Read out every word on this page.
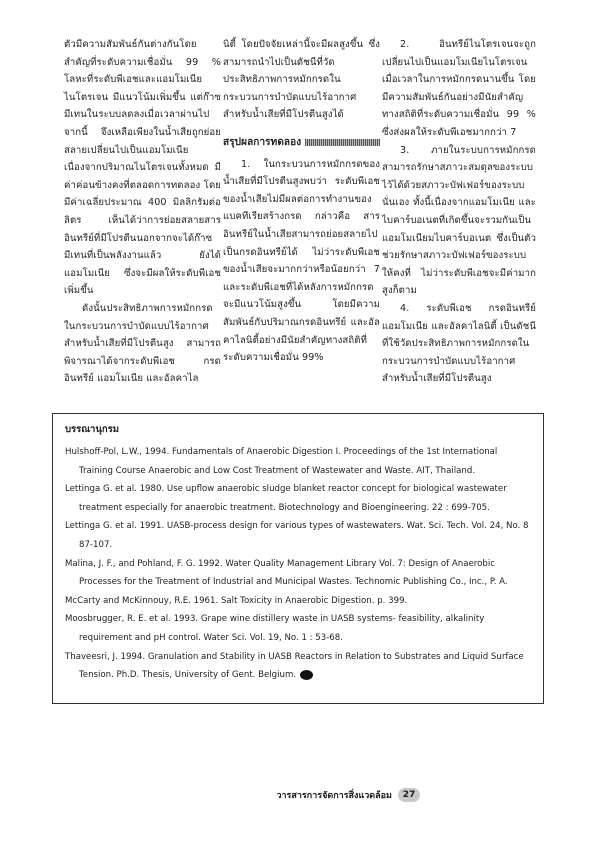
ตัวมีความสัมพันธ์กันต่างกันโดยสำคัญที่ระดับความเชื่อมั่น 99 % โลหะที่ระดับพีเอชและแอมโมเนียไนโตรเจน มีแนวโน้มเพิ่มขึ้น แต่ก๊าซมีเทนในระบบลดลงเมื่อเวลาผ่านไป จากนี้ จึงเหลือเพียงในน้ำเสียถูกย่อยสลายเปลี่ยนไปเป็นแอมโมเนีย เนื่องจากปริมาณไนโตรเจนทั้งหมด มีค่าค่อนข้างคงที่ตลอดการทดลอง โดยมีค่าเฉลี่ยประมาณ 400 มิลลิกรัมต่อลิตร เห็นได้ว่าการย่อยสลายสารอินทรีย์ที่มีโปรตีนนอกจากจะได้ก๊าซมีเทนที่เป็นพลังงานแล้ว ยังได้แอมโมเนีย ซึ่งจะมีผลให้ระดับพีเอชเพิ่มขึ้น

ดังนั้นประสิทธิภาพการหมักกรดในกระบวนการบำบัดแบบไร้อากาศ สำหรับน้ำเสียที่มีโปรตีนสูง สามารถพิจารณาได้จากระดับพีเอช กรดอินทรีย์ แอมโมเนีย และอัลคาไล

นิตี้ โดยปัจจัยเหล่านี้จะมีผลสูงขึ้น ซึ่งสามารถนำไปเป็นดัชนีที่วัดประสิทธิภาพการหมักกรดในกระบวนการบำบัดแบบไร้อากาศสำหรับน้ำเสียที่มีโปรตีนสูงได้

สรุปผลการทดลอง

1. ในกระบวนการหมักกรดของน้ำเสียที่มีโปรตีนสูงพบว่า ระดับพีเอชของน้ำเสียไม่มีผลต่อการทำงานของแบคทีเรียสร้างกรด กล่าวคือ สารอินทรีย์ในน้ำเสียสามารถย่อยสลายไปเป็นกรดอินทรีย์ได้ ไม่ว่าระดับพีเอชของน้ำเสียจะมากกว่าหรือน้อยกว่า 7 และระดับพีเอชที่ได้หลังการหมักกรดจะมีแนวโน้มสูงขึ้น โดยมีความสัมพันธ์กับปริมาณกรดอินทรีย์ และอัลคาไลนิตี้อย่างมีนัยสำคัญทางสถิติที่ระดับความเชื่อมั่น 99%

2. อินทรีย์ไนโตรเจนจะถูกเปลี่ยนไปเป็นแอมโมเนียไนโตรเจน เมื่อเวลาในการหมักกรดนานขึ้น โดยมีความสัมพันธ์กันอย่างมีนัยสำคัญทางสถิติที่ระดับความเชื่อมั่น 99 % ซึ่งส่งผลให้ระดับพีเอชมากกว่า 7

3. ภายในระบบการหมักกรด สามารถรักษาสภาวะสมดุลของระบบไว้ได้ด้วยสภาวะบัฟเฟอร์ของระบบนั่นเอง ทั้งนี้เนื่องจากแอมโมเนีย และไบคาร์บอเนตที่เกิดขึ้นจะรวมกันเป็นแอมโมเนียมไบคาร์บอเนต ซึ่งเป็นตัวช่วยรักษาสภาวะบัฟเฟอร์ของระบบให้คงที่ ไม่ว่าระดับพีเอชจะมีค่ามากสูงก็ตาม

4. ระดับพีเอช กรดอินทรีย์ แอมโมเนีย และอัลคาไลนิตี้ เป็นดัชนีที่ใช้วัดประสิทธิภาพการหมักกรดในกระบวนการบำบัดแบบไร้อากาศสำหรับน้ำเสียที่มีโปรตีนสูง

บรรณานุกรม
Hulshoff-Pol, L.W., 1994. Fundamentals of Anaerobic Digestion I. Proceedings of the 1st International Training Course Anaerobic and Low Cost Treatment of Wastewater and Waste. AIT, Thailand.
Lettinga G. et al. 1980. Use upflow anaerobic sludge blanket reactor concept for biological wastewater treatment especially for anaerobic treatment. Biotechnology and Bioengineering. 22 : 699-705.
Lettinga G. et al. 1991. UASB-process design for various types of wastewaters. Wat. Sci. Tech. Vol. 24, No. 8 87-107.
Malina, J. F., and Pohland, F. G. 1992. Water Quality Management Library Vol. 7: Design of Anaerobic Processes for the Treatment of Industrial and Municipal Wastes. Technomic Publishing Co., Inc., P. A.
McCarty and McKinnouy, R.E. 1961. Salt Toxicity in Anaerobic Digestion. p. 399.
Moosbrugger, R. E. et al. 1993. Grape wine distillery waste in UASB systems- feasibility, alkalinity requirement and pH control. Water Sci. Vol. 19, No. 1 : 53-68.
Thaveesri, J. 1994. Granulation and Stability in UASB Reactors in Relation to Substrates and Liquid Surface Tension. Ph.D. Thesis, University of Gent. Belgium.
วารสารการจัดการสิ่งแวดล้อม	27
